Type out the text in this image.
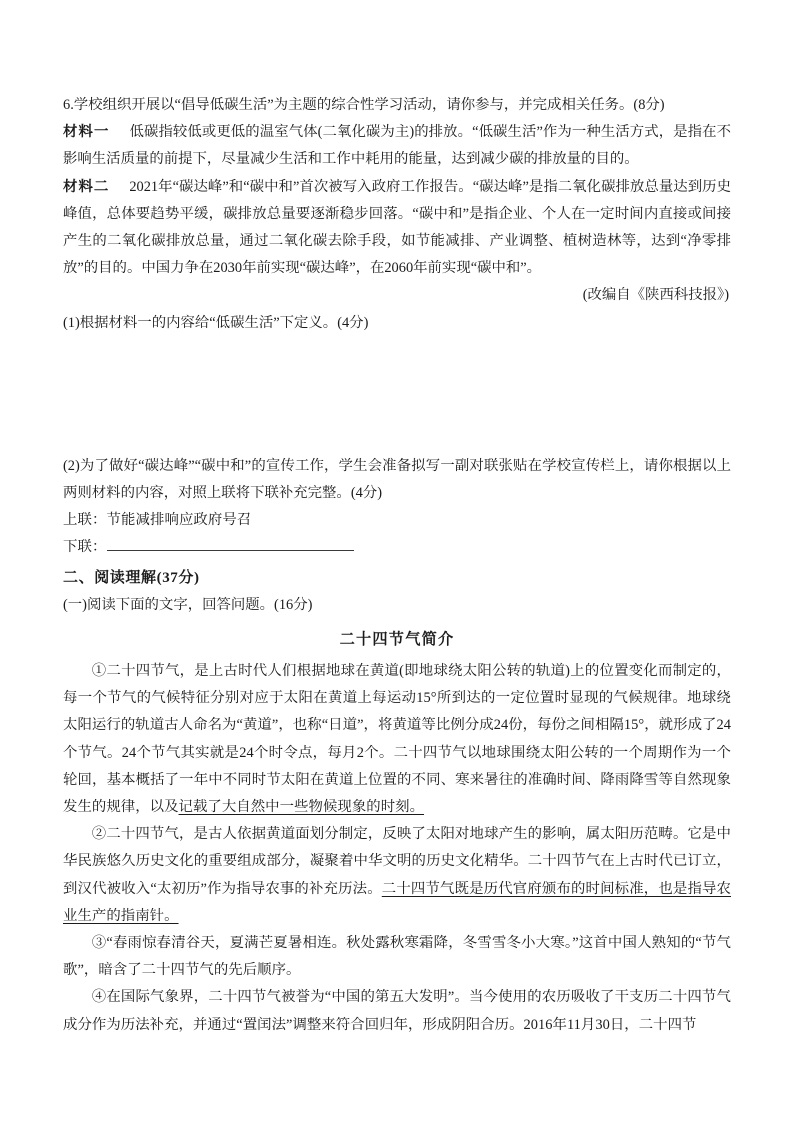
6.学校组织开展以“倡导低碳生活”为主题的综合性学习活动，请你参与，并完成相关任务。(8分)
材料一 低碳指较低或更低的温室气体(二氧化碳为主)的排放。“低碳生活”作为一种生活方式，是指在不影响生活质量的前提下，尽量减少生活和工作中耗用的能量，达到减少碳的排放量的目的。
材料二 2021年“碳达峰”和“碳中和”首次被写入政府工作报告。“碳达峰”是指二氧化碳排放总量达到历史峰值，总体要趋势平缓，碳排放总量要逐渐稳步回落。“碳中和”是指企业、个人在一定时间内直接或间接产生的二氧化碳排放总量，通过二氧化碳去除手段，如节能减排、产业调整、植树造林等，达到“净零排放”的目的。中国力争在2030年前实现“碳达峰”，在2060年前实现“碳中和”。
(改编自《陕西科技报》)
(1)根据材料一的内容给“低碳生活”下定义。(4分)
(2)为了做好“碳达峰”“碳中和”的宣传工作，学生会准备拟写一副对联张贴在学校宣传栏上，请你根据以上两则材料的内容，对照上联将下联补充完整。(4分)
上联：节能减排响应政府号召
下联：
二、阅读理解(37分)
(一)阅读下面的文字，回答问题。(16分)
二十四节气简介
①二十四节气，是上古时代人们根据地球在黄道(即地球绕太阳公转的轨道)上的位置变化而制定的，每一个节气的气候特征分别对应于太阳在黄道上每运动15°所到达的一定位置时显现的气候规律。地球绕太阳运行的轨道古人命名为“黄道”，也称“日道”，将黄道等比例分成24份，每份之间相隔15°，就形成了24个节气。24个节气其实就是24个时令点，每月2个。二十四节气以地球围绕太阳公转的一个周期作为一个轮回，基本概括了一年中不同时节太阳在黄道上位置的不同、寒来暑往的准确时间、降雨降雪等自然现象发生的规律，以及记载了大自然中一些物候现象的时刻。
②二十四节气，是古人依据黄道面划分制定，反映了太阳对地球产生的影响，属太阳历范畴。它是中华民族悠久历史文化的重要组成部分，凝聚着中华文明的历史文化精华。二十四节气在上古时代已订立，到汉代被收入“太初历”作为指导农事的补充历法。二十四节气既是历代官府颁布的时间标准，也是指导农业生产的指南针。
③“春雨惊春清谷天，夏满芒夏暑相连。秋处露秋寒霜降，冬雪雪冬小大寒。”这首中国人熟知的“节气歌”，暗含了二十四节气的先后顺序。
④在国际气象界，二十四节气被誉为“中国的第五大发明”。当今使用的农历吸收了干支历二十四节气成分作为历法补充，并通过“置闰法”调整来符合回归年，形成阴阳合历。2016年11月30日，二十四节
